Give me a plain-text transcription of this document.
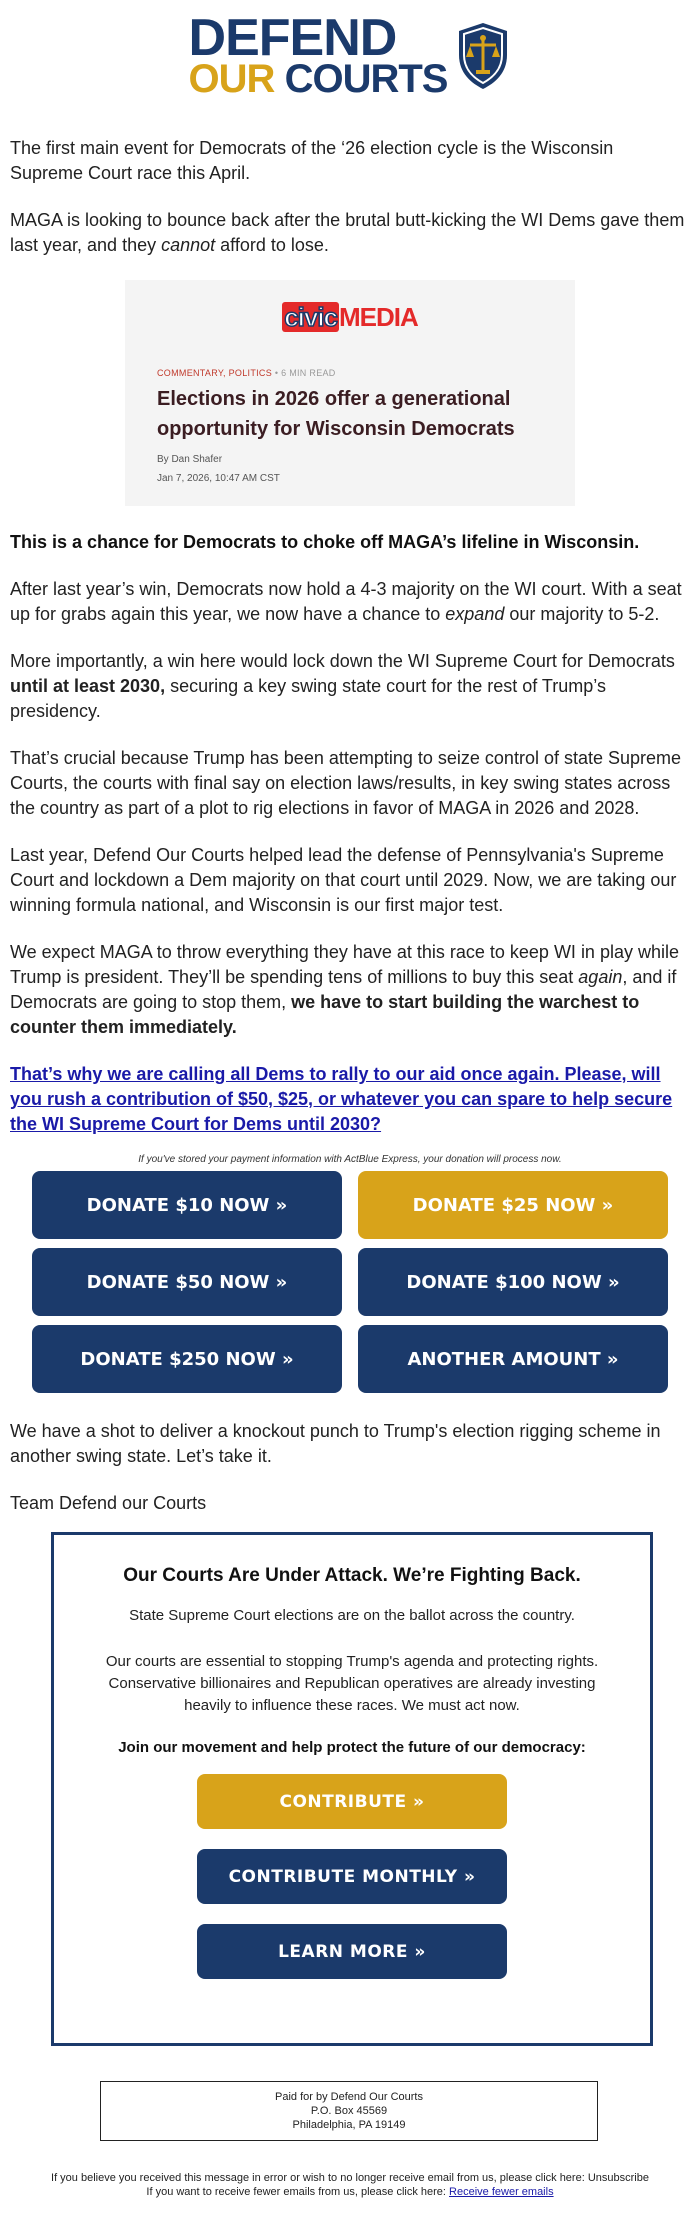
DEFEND
OUR COURTS

The first main event for Democrats of the ‘26 election cycle is the Wisconsin Supreme Court race this April.

MAGA is looking to bounce back after the brutal butt-kicking the WI Dems gave them last year, and they cannot afford to lose.

civicMEDIA
COMMENTARY, POLITICS • 6 MIN READ
Elections in 2026 offer a generational opportunity for Wisconsin Democrats
By Dan Shafer
Jan 7, 2026, 10:47 AM CST

This is a chance for Democrats to choke off MAGA’s lifeline in Wisconsin.

After last year’s win, Democrats now hold a 4-3 majority on the WI court. With a seat up for grabs again this year, we now have a chance to expand our majority to 5-2.

More importantly, a win here would lock down the WI Supreme Court for Democrats until at least 2030, securing a key swing state court for the rest of Trump’s presidency.

That’s crucial because Trump has been attempting to seize control of state Supreme Courts, the courts with final say on election laws/results, in key swing states across the country as part of a plot to rig elections in favor of MAGA in 2026 and 2028.

Last year, Defend Our Courts helped lead the defense of Pennsylvania's Supreme Court and lockdown a Dem majority on that court until 2029. Now, we are taking our winning formula national, and Wisconsin is our first major test.

We expect MAGA to throw everything they have at this race to keep WI in play while Trump is president. They’ll be spending tens of millions to buy this seat again, and if Democrats are going to stop them, we have to start building the warchest to counter them immediately.

That’s why we are calling all Dems to rally to our aid once again. Please, will you rush a contribution of $50, $25, or whatever you can spare to help secure the WI Supreme Court for Dems until 2030?
If you've stored your payment information with ActBlue Express, your donation will process now.
DONATE $10 NOW »	DONATE $25 NOW »
DONATE $50 NOW »	DONATE $100 NOW »
DONATE $250 NOW »	ANOTHER AMOUNT »

We have a shot to deliver a knockout punch to Trump's election rigging scheme in another swing state. Let’s take it.

Team Defend our Courts

Our Courts Are Under Attack. We’re Fighting Back.
State Supreme Court elections are on the ballot across the country.
Our courts are essential to stopping Trump's agenda and protecting rights. Conservative billionaires and Republican operatives are already investing heavily to influence these races. We must act now.
Join our movement and help protect the future of our democracy:
CONTRIBUTE »
CONTRIBUTE MONTHLY »
LEARN MORE »
Paid for by Defend Our Courts
P.O. Box 45569
Philadelphia, PA 19149
If you believe you received this message in error or wish to no longer receive email from us, please click here: Unsubscribe
If you want to receive fewer emails from us, please click here: Receive fewer emails
